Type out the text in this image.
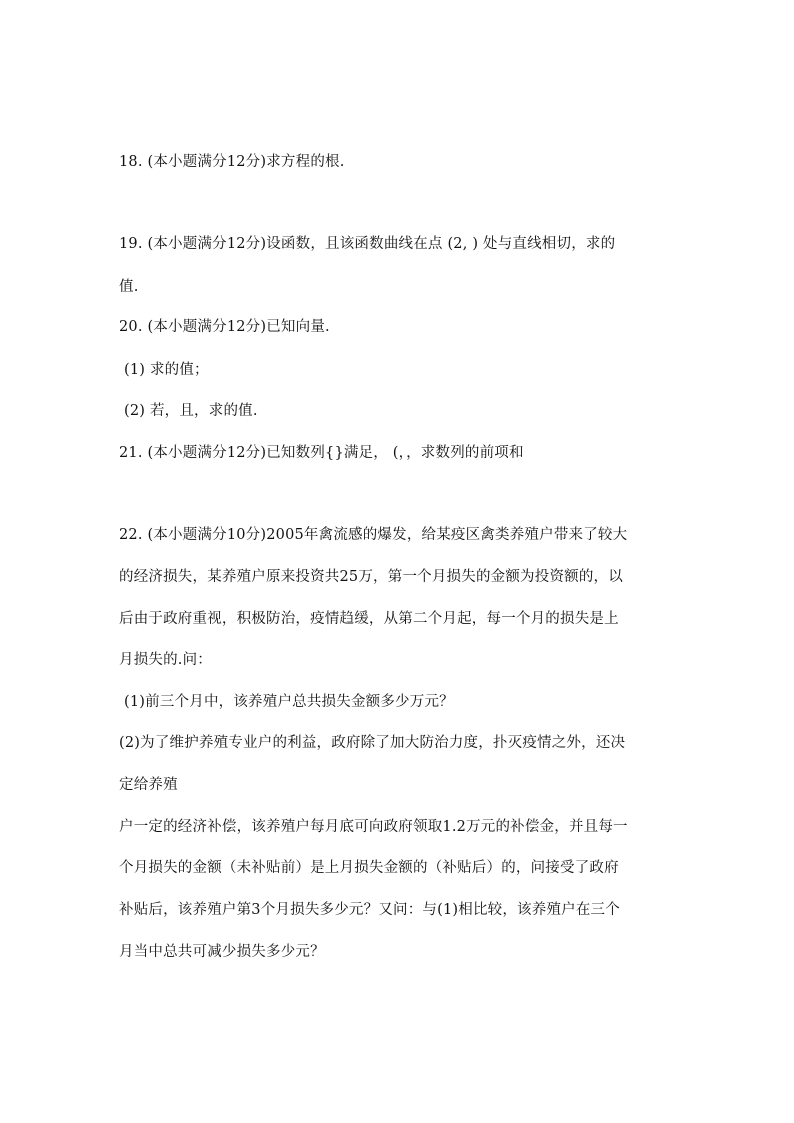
18. (本小题满分12分)求方程的根.
19. (本小题满分12分)设函数，且该函数曲线在点 (2, ) 处与直线相切，求的
值.
20. (本小题满分12分)已知向量.
(1) 求的值；
(2) 若，且，求的值.
21. (本小题满分12分)已知数列{}满足， (，，求数列的前项和
22. (本小题满分10分)2005年禽流感的爆发，给某疫区禽类养殖户带来了较大
的经济损失，某养殖户原来投资共25万，第一个月损失的金额为投资额的，以
后由于政府重视，积极防治，疫情趋缓，从第二个月起，每一个月的损失是上
月损失的.问：
(1)前三个月中，该养殖户总共损失金额多少万元？
(2)为了维护养殖专业户的利益，政府除了加大防治力度，扑灭疫情之外，还决
定给养殖
户一定的经济补偿，该养殖户每月底可向政府领取1.2万元的补偿金，并且每一
个月损失的金额（未补贴前）是上月损失金额的（补贴后）的，问接受了政府
补贴后，该养殖户第3个月损失多少元？又问：与(1)相比较，该养殖户在三个
月当中总共可减少损失多少元？
